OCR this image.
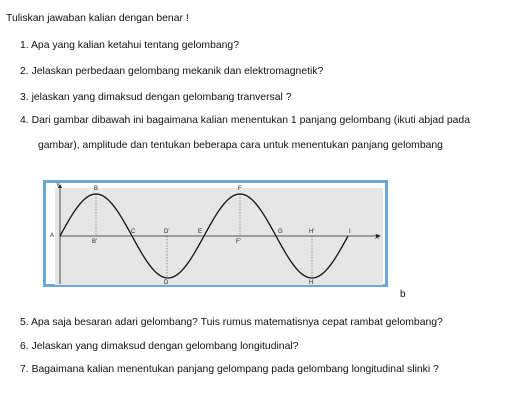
Tuliskan jawaban kalian dengan benar !
1. Apa yang kalian ketahui tentang gelombang?
2. Jelaskan perbedaan gelombang mekanik dan elektromagnetik?
3. jelaskan yang dimaksud dengan gelombang tranversal ?
4. Dari gambar dibawah ini bagaimana kalian menentukan 1 panjang gelombang (ikuti abjad pada
gambar), amplitude dan tentukan beberapa cara untuk menentukan panjang gelombang
Y
X
A
B
B'
C	D'
D
E
F
F'
G	H'
H
I
b
5. Apa saja besaran adari gelombang? Tuis rumus matematisnya cepat rambat gelombang?
6. Jelaskan yang dimaksud dengan gelombang longitudinal?
7. Bagaimana kalian menentukan panjang gelompang pada gelombang longitudinal slinki ?
